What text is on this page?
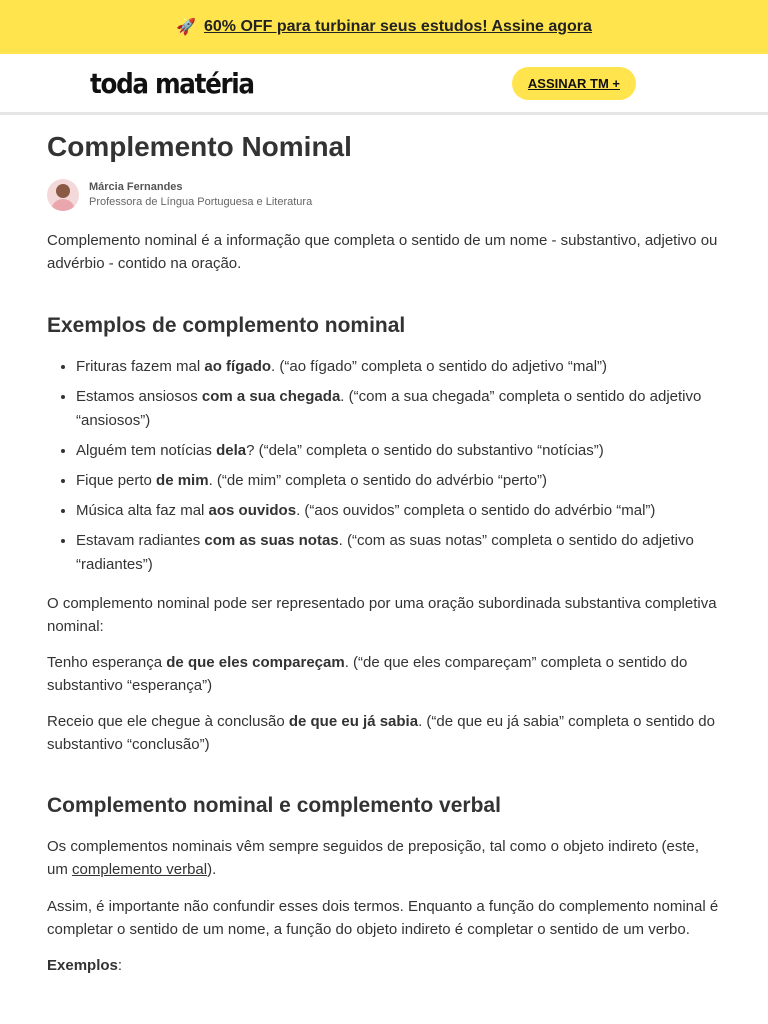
🚀 60% OFF para turbinar seus estudos! Assine agora
toda matéria	ASSINAR TM +
Complemento Nominal
Márcia Fernandes
Professora de Língua Portuguesa e Literatura

Complemento nominal é a informação que completa o sentido de um nome - substantivo, adjetivo ou advérbio - contido na oração.

Exemplos de complemento nominal
• Frituras fazem mal ao fígado. (“ao fígado” completa o sentido do adjetivo “mal”)
• Estamos ansiosos com a sua chegada. (“com a sua chegada” completa o sentido do adjetivo “ansiosos”)
• Alguém tem notícias dela? (“dela” completa o sentido do substantivo “notícias”)
• Fique perto de mim. (“de mim” completa o sentido do advérbio “perto”)
• Música alta faz mal aos ouvidos. (“aos ouvidos” completa o sentido do advérbio “mal”)
• Estavam radiantes com as suas notas. (“com as suas notas” completa o sentido do adjetivo “radiantes”)

O complemento nominal pode ser representado por uma oração subordinada substantiva completiva nominal:

Tenho esperança de que eles compareçam. (“de que eles compareçam” completa o sentido do substantivo “esperança”)

Receio que ele chegue à conclusão de que eu já sabia. (“de que eu já sabia” completa o sentido do substantivo “conclusão”)

Complemento nominal e complemento verbal

Os complementos nominais vêm sempre seguidos de preposição, tal como o objeto indireto (este, um complemento verbal).

Assim, é importante não confundir esses dois termos. Enquanto a função do complemento nominal é completar o sentido de um nome, a função do objeto indireto é completar o sentido de um verbo.

Exemplos:
